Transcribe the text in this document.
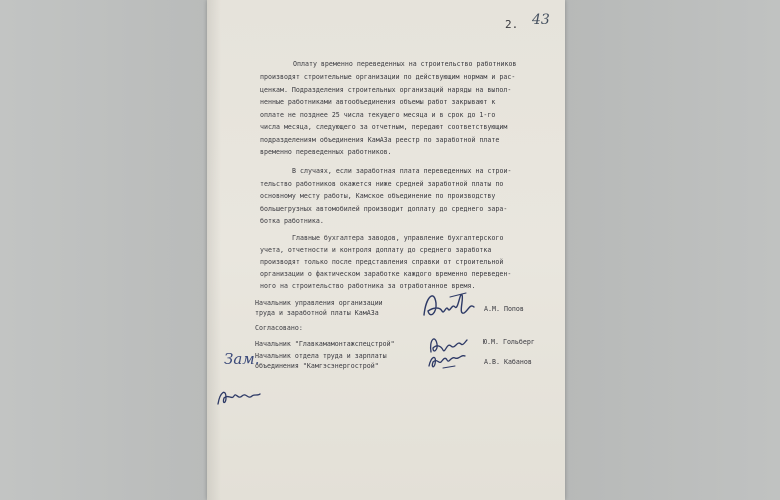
2. 43
Оплату временно переведенных на строительство работников
производят строительные организации по действующим нормам и рас-
ценкам. Подразделения строительных организаций наряды на выпол-
ненные работниками автообъединения объемы работ закрывают к
оплате не позднее 25 числа текущего месяца и в срок до 1-го
числа месяца, следующего за отчетным, передают соответствующим
подразделениям объединения КамАЗа реестр по заработной плате
временно переведенных работников.
В случаях, если заработная плата переведенных на строи-
тельство работников окажется ниже средней заработной платы по
основному месту работы, Камское объединение по производству
большегрузных автомобилей производит доплату до среднего зара-
ботка работника.
Главные бухгалтера заводов, управление бухгалтерского
учета, отчетности и контроля доплату до среднего заработка
производят только после представления справки от строительной
организации о фактическом заработке каждого временно переведен-
ного на строительство работника за отработанное время.
Начальник управления организации
труда и заработной платы КамАЗа	А.М. Попов
Согласовано:
Начальник "Главкамамонтажспецстрой"	Ю.М. Гольберг
Начальник отдела труда и зарплаты
объединения "Камгэсэнергострой"	А.В. Кабанов
Зам.
